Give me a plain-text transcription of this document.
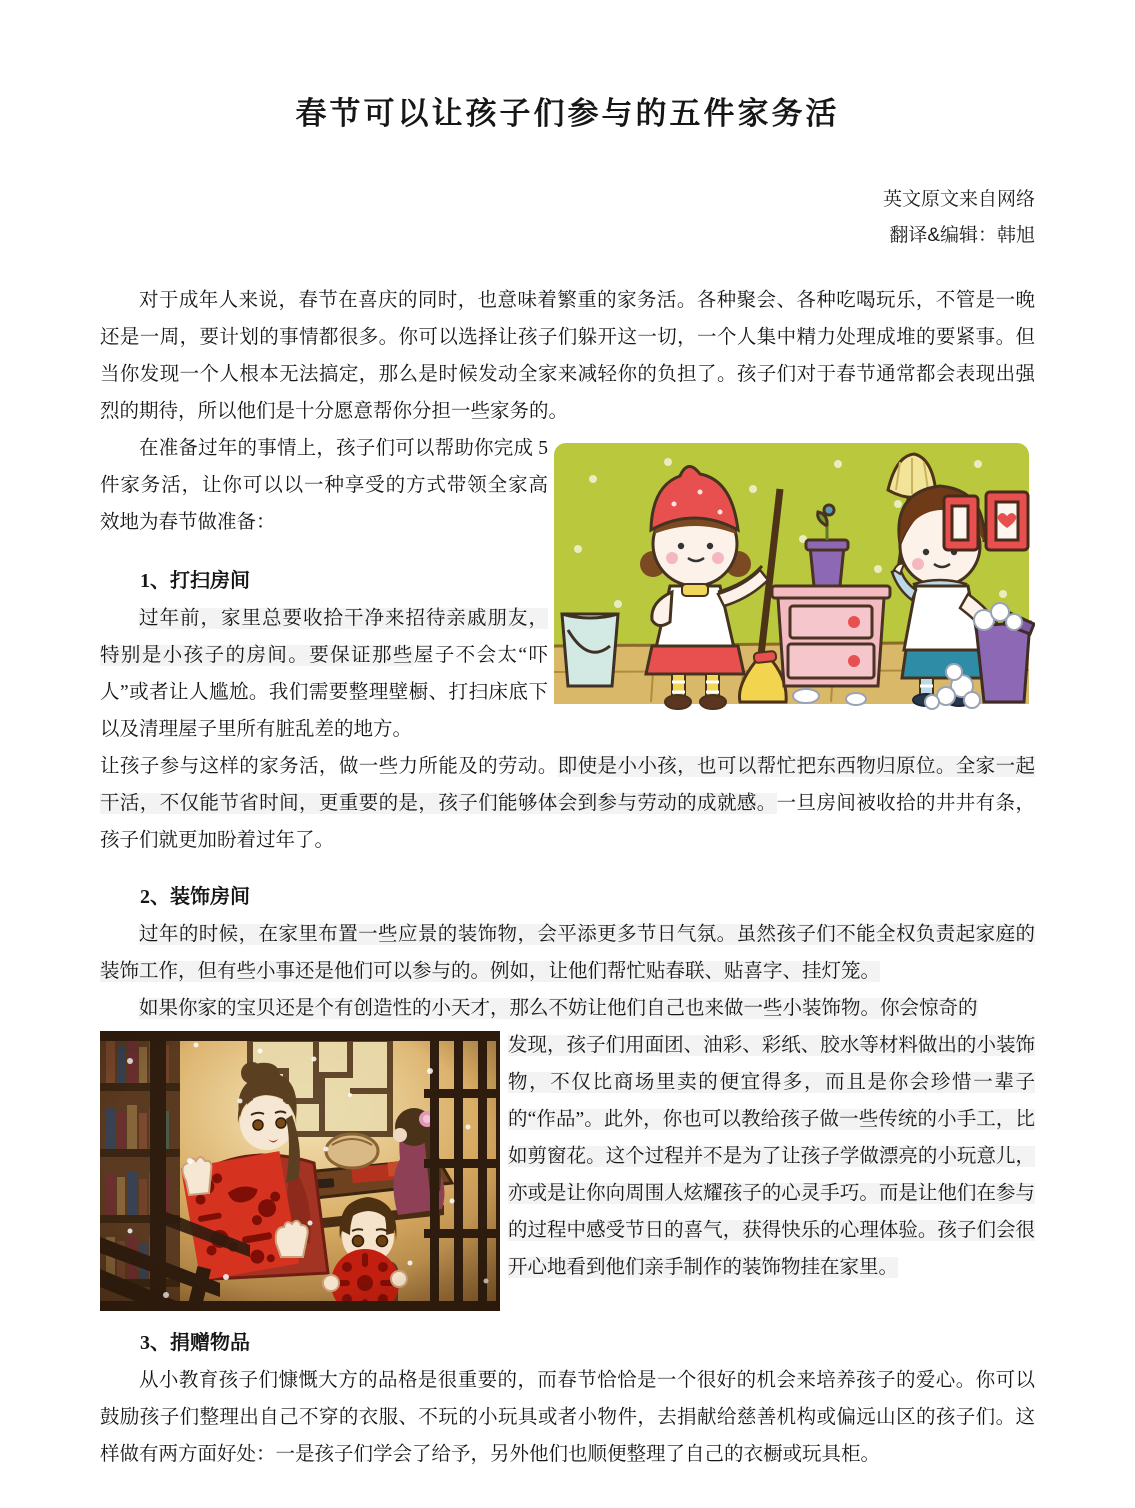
春节可以让孩子们参与的五件家务活
英文原文来自网络
翻译&编辑：韩旭

对于成年人来说，春节在喜庆的同时，也意味着繁重的家务活。各种聚会、各种吃喝玩乐，不管是一晚还是一周，要计划的事情都很多。你可以选择让孩子们躲开这一切，一个人集中精力处理成堆的要紧事。但当你发现一个人根本无法搞定，那么是时候发动全家来减轻你的负担了。孩子们对于春节通常都会表现出强烈的期待，所以他们是十分愿意帮你分担一些家务的。

在准备过年的事情上，孩子们可以帮助你完成 5 件家务活，让你可以以一种享受的方式带领全家高效地为春节做准备：

1、打扫房间

过年前，家里总要收拾干净来招待亲戚朋友，特别是小孩子的房间。要保证那些屋子不会太“吓人”或者让人尴尬。我们需要整理壁橱、打扫床底下以及清理屋子里所有脏乱差的地方。

让孩子参与这样的家务活，做一些力所能及的劳动。即使是小小孩，也可以帮忙把东西物归原位。全家一起干活，不仅能节省时间，更重要的是，孩子们能够体会到参与劳动的成就感。一旦房间被收拾的井井有条，孩子们就更加盼着过年了。

2、装饰房间

过年的时候，在家里布置一些应景的装饰物，会平添更多节日气氛。虽然孩子们不能全权负责起家庭的装饰工作，但有些小事还是他们可以参与的。例如，让他们帮忙贴春联、贴喜字、挂灯笼。

如果你家的宝贝还是个有创造性的小天才，那么不妨让他们自己也来做一些小装饰物。你会惊奇的

发现，孩子们用面团、油彩、彩纸、胶水等材料做出的小装饰物，不仅比商场里卖的便宜得多，而且是你会珍惜一辈子的“作品”。此外，你也可以教给孩子做一些传统的小手工，比如剪窗花。这个过程并不是为了让孩子学做漂亮的小玩意儿，亦或是让你向周围人炫耀孩子的心灵手巧。而是让他们在参与的过程中感受节日的喜气，获得快乐的心理体验。孩子们会很开心地看到他们亲手制作的装饰物挂在家里。

3、捐赠物品

从小教育孩子们慷慨大方的品格是很重要的，而春节恰恰是一个很好的机会来培养孩子的爱心。你可以鼓励孩子们整理出自己不穿的衣服、不玩的小玩具或者小物件，去捐献给慈善机构或偏远山区的孩子们。这样做有两方面好处：一是孩子们学会了给予，另外他们也顺便整理了自己的衣橱或玩具柜。
